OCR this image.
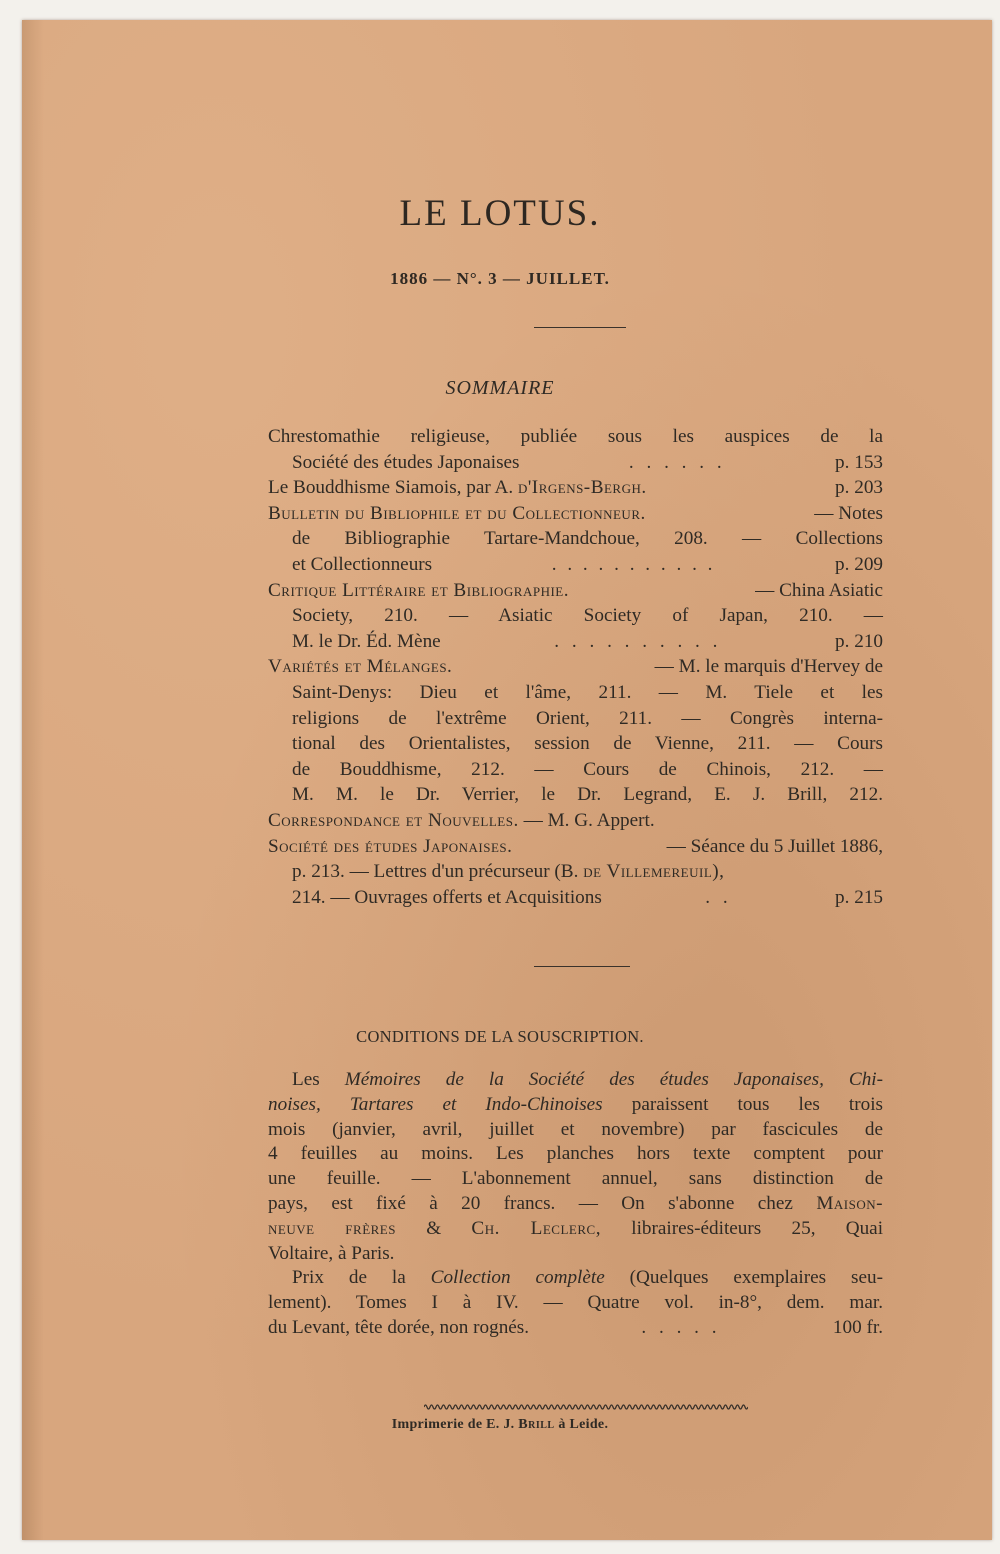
LE LOTUS.
1886 — N°. 3 — JUILLET.
SOMMAIRE
Chrestomathie religieuse, publiée sous les auspices de la
Société des études Japonaises	. . . . . .	p. 153
Le Bouddhisme Siamois, par A.
d'Irgens-Bergh.	p. 203
Bulletin du Bibliophile et du Collectionneur.	— Notes
de Bibliographie Tartare-Mandchoue, 208. — Collections
et Collectionneurs	. . . . . . . . . . .	p. 209
Critique Littéraire et Bibliographie.	— China Asiatic
Society, 210. — Asiatic Society of Japan, 210. —
M. le Dr. Éd. Mène	. . . . . . . . . .	p. 210
Variétés et Mélanges.	— M. le marquis d'Hervey de
Saint-Denys: Dieu et l'âme, 211. — M. Tiele et les
religions de l'extrême Orient, 211. — Congrès interna-
tional des Orientalistes, session de Vienne, 211. — Cours
de Bouddhisme, 212. — Cours de Chinois, 212. —
M. M. le Dr. Verrier, le Dr. Legrand, E. J. Brill, 212.
Correspondance et Nouvelles. — M. G. Appert.
Société des études Japonaises.	— Séance du 5 Juillet 1886,
p. 213. — Lettres d'un précurseur (B.
de Villemereuil),
214. — Ouvrages offerts et Acquisitions	. .	p. 215
CONDITIONS DE LA SOUSCRIPTION.
Les Mémoires de la Société des études Japonaises, Chi-
noises, Tartares et Indo-Chinoises paraissent tous les trois
mois (janvier, avril, juillet et novembre) par fascicules de
4 feuilles au moins. Les planches hors texte comptent pour
une feuille. — L'abonnement annuel, sans distinction de
pays, est fixé à 20 francs. — On s'abonne chez Maison-
neuve frères & Ch. Leclerc, libraires-éditeurs 25, Quai
Voltaire, à Paris.
Prix de la Collection complète (Quelques exemplaires seu-
lement). Tomes I à IV. — Quatre vol. in-8°, dem. mar.
du Levant, tête dorée, non rognés.	. . . . .	100 fr.
Imprimerie de E. J. Brill à Leide.
